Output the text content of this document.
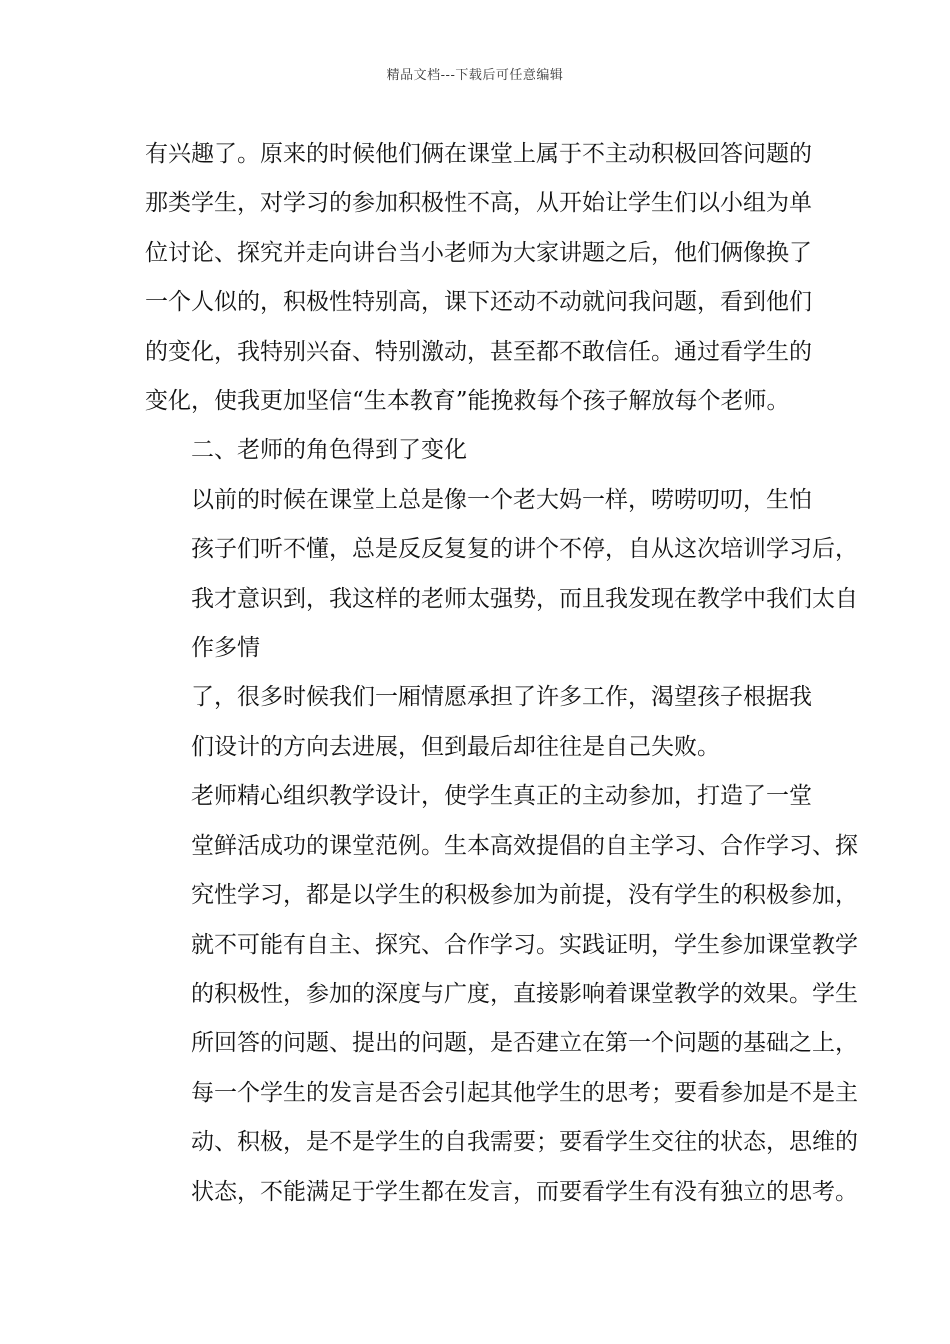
精品文档---下载后可任意编辑

有兴趣了。原来的时候他们俩在课堂上属于不主动积极回答问题的
那类学生，对学习的参加积极性不高，从开始让学生们以小组为单
位讨论、探究并走向讲台当小老师为大家讲题之后，他们俩像换了
一个人似的，积极性特别高，课下还动不动就问我问题，看到他们
的变化，我特别兴奋、特别激动，甚至都不敢信任。通过看学生的
变化，使我更加坚信“生本教育”能挽救每个孩子解放每个老师。

二、老师的角色得到了变化

以前的时候在课堂上总是像一个老大妈一样，唠唠叨叨，生怕
孩子们听不懂，总是反反复复的讲个不停，自从这次培训学习后，
我才意识到，我这样的老师太强势，而且我发现在教学中我们太自
作多情

了，很多时候我们一厢情愿承担了许多工作，渴望孩子根据我
们设计的方向去进展，但到最后却往往是自己失败。

老师精心组织教学设计，使学生真正的主动参加，打造了一堂
堂鲜活成功的课堂范例。生本高效提倡的自主学习、合作学习、探
究性学习，都是以学生的积极参加为前提，没有学生的积极参加，
就不可能有自主、探究、合作学习。实践证明，学生参加课堂教学
的积极性，参加的深度与广度，直接影响着课堂教学的效果。学生
所回答的问题、提出的问题，是否建立在第一个问题的基础之上，
每一个学生的发言是否会引起其他学生的思考；要看参加是不是主
动、积极，是不是学生的自我需要；要看学生交往的状态，思维的
状态，不能满足于学生都在发言，而要看学生有没有独立的思考。
